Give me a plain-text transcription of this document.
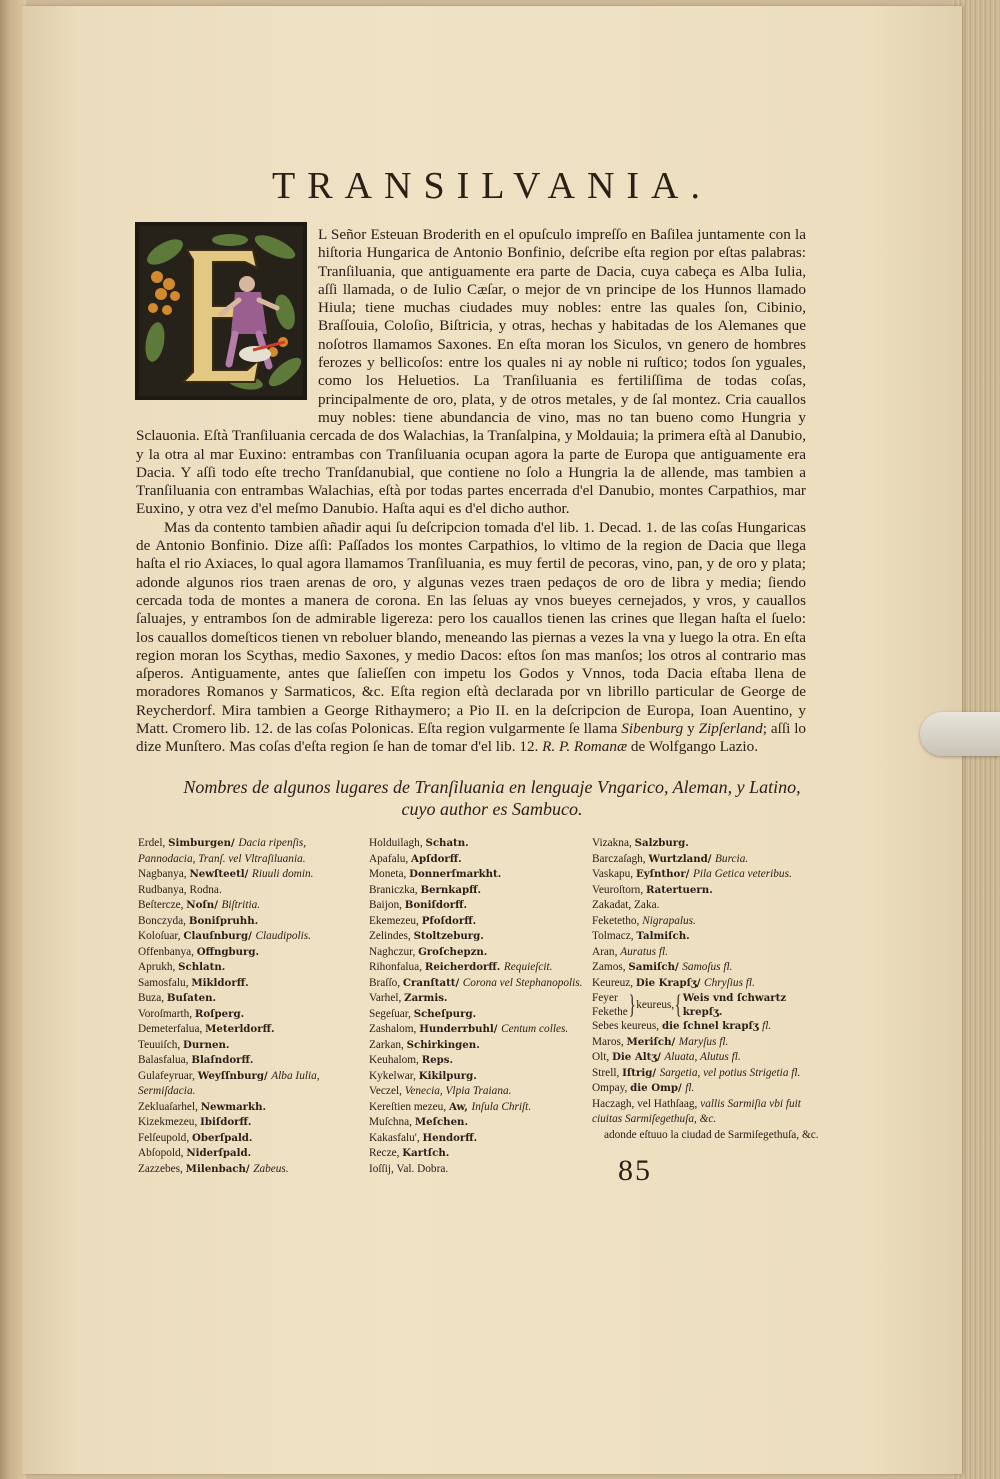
TRANSILVANIA.

L Señor Esteuan Broderith en el opuſculo impreſſo en Baſilea juntamente con la hiſtoria Hungarica de Antonio Bonfinio, deſcribe eſta region por eſtas palabras: Tranſiluania, que antiguamente era parte de Dacia, cuya cabeça es Alba Iulia, aſſi llamada, o de Iulio Cæſar, o mejor de vn principe de los Hunnos llamado Hiula; tiene muchas ciudades muy nobles: entre las quales ſon, Cibinio, Braſſouia, Coloſio, Biſtricia, y otras, hechas y habitadas de los Alemanes que noſotros llamamos Saxones. En eſta moran los Siculos, vn genero de hombres ferozes y bellicoſos: entre los quales ni ay noble ni ruſtico; todos ſon yguales, como los Heluetios. La Tranſiluania es fertiliſſima de todas coſas, principalmente de oro, plata, y de otros metales, y de ſal montez. Cria cauallos muy nobles: tiene abundancia de vino, mas no tan bueno como Hungria y Sclauonia. Eſtà Tranſiluania cercada de dos Walachias, la Tranſalpina, y Moldauia; la primera eſtà al Danubio, y la otra al mar Euxino: entrambas con Tranſiluania ocupan agora la parte de Europa que antiguamente era Dacia. Y aſſi todo eſte trecho Tranſdanubial, que contiene no ſolo a Hungria la de allende, mas tambien a Tranſiluania con entrambas Walachias, eſtà por todas partes encerrada d'el Danubio, montes Carpathios, mar Euxino, y otra vez d'el meſmo Danubio. Haſta aqui es d'el dicho author.

Mas da contento tambien añadir aqui ſu deſcripcion tomada d'el lib. 1. Decad. 1. de las coſas Hungaricas de Antonio Bonfinio. Dize aſſi: Paſſados los montes Carpathios, lo vltimo de la region de Dacia que llega haſta el rio Axiaces, lo qual agora llamamos Tranſiluania, es muy fertil de pecoras, vino, pan, y de oro y plata; adonde algunos rios traen arenas de oro, y algunas vezes traen pedaços de oro de libra y media; ſiendo cercada toda de montes a manera de corona. En las ſeluas ay vnos bueyes cernejados, y vros, y cauallos ſaluajes, y entrambos ſon de admirable ligereza: pero los cauallos tienen las crines que llegan haſta el ſuelo: los cauallos domeſticos tienen vn reboluer blando, meneando las piernas a vezes la vna y luego la otra. En eſta region moran los Scythas, medio Saxones, y medio Dacos: eſtos ſon mas manſos; los otros al contrario mas aſperos. Antiguamente, antes que ſalieſſen con impetu los Godos y Vnnos, toda Dacia eſtaba llena de moradores Romanos y Sarmaticos, &c. Eſta region eſtà declarada por vn librillo particular de George de Reycherdorf. Mira tambien a George Rithaymero; a Pio II. en la deſcripcion de Europa, Ioan Auentino, y Matt. Cromero lib. 12. de las coſas Polonicas. Eſta region vulgarmente ſe llama Sibenburg y Zipſerland; aſſi lo dize Munſtero. Mas coſas d'eſta region ſe han de tomar d'el lib. 12. R. P. Romanæ de Wolfgango Lazio.

Nombres de algunos lugares de Tranſiluania en lenguaje Vngarico, Aleman, y Latino, cuyo author es Sambuco.

Erdel, Simburgen/ Dacia ripenſis, Pannodacia, Tranſ. vel Vltraſiluania.
Nagbanya, Newſteetl/ Riuuli domin.
Rudbanya, Rodna.
Beſtercze, Noſn/ Biſtritia.
Bonczyda, Boniſpruhh.
Koloſuar, Clauſnburg/ Claudipolis.
Offenbanya, Offngburg.
Aprukh, Schlatn.
Samosfalu, Mikldorff.
Buza, Buſaten.
Voroſmarth, Roſperg.
Demeterfalua, Meterldorff.
Teuuiſch, Durnen.
Balasfalua, Blaſndorff.
Gulafeyruar, Weyſſnburg/ Alba Iulia, Sermiſdacia.
Zekluaſarhel, Newmarkh.
Kizekmezeu, Ibiſdorff.
Felſeupold, Oberſpald.
Abſopold, Niderſpald.
Zazzebes, Milenbach/ Zabeus.
Holduilagh, Schatn.
Apafalu, Apſdorff.
Moneta, Donnerſmarkht.
Braniczka, Bernkapff.
Baijon, Boniſdorff.
Ekemezeu, Pfoſdorff.
Zelindes, Stoltzeburg.
Naghczur, Groſchepzn.
Rihonfalua, Reicherdorff. Requieſcit.
Braſſo, Cranſtatt/ Corona vel Stephanopolis.
Varhel, Zarmis.
Segeſuar, Scheſpurg.
Zashalom, Hunderrbuhl/ Centum colles.
Zarkan, Schirkingen.
Keuhalom, Reps.
Kykelwar, Kikilpurg.
Veczel, Venecia, Vlpia Traiana.
Kereſtien mezeu, Aw, Inſula Chriſt.
Muſchna, Meſchen.
Kakasfalu', Hendorff.
Recze, Kartſch.
Ioſſij, Val. Dobra.
Vizakna, Salzburg.
Barczaſagh, Wurtzland/ Burcia.
Vaskapu, Eyſnthor/ Pila Getica veteribus.
Veuroſtorn, Ratertuern.
Zakadat, Zaka.
Feketetho, Nigrapalus.
Tolmacz, Talmiſch.
Aran, Auratus fl.
Zamos, Samiſch/ Samoſus fl.
Keureuz, Die Krapſʒ/ Chryſius fl.
Feyer
Fekethe } keureus, { Weis vnd ſchwartz
krepſʒ.
Sebes keureus, die ſchnel krapſʒ fl.
Maros, Meriſch/ Maryſus fl.
Olt, Die Altʒ/ Aluata, Alutus fl.
Strell, Iſtrig/ Sargetia, vel potius Strigetia fl.
Ompay, die Omp/ fl.
Haczagh, vel Hathſaag, vallis Sarmiſia vbi fuit ciuitas Sarmiſegethuſa, &c.
adonde eſtuuo la ciudad de Sarmiſegethuſa, &c.

85
